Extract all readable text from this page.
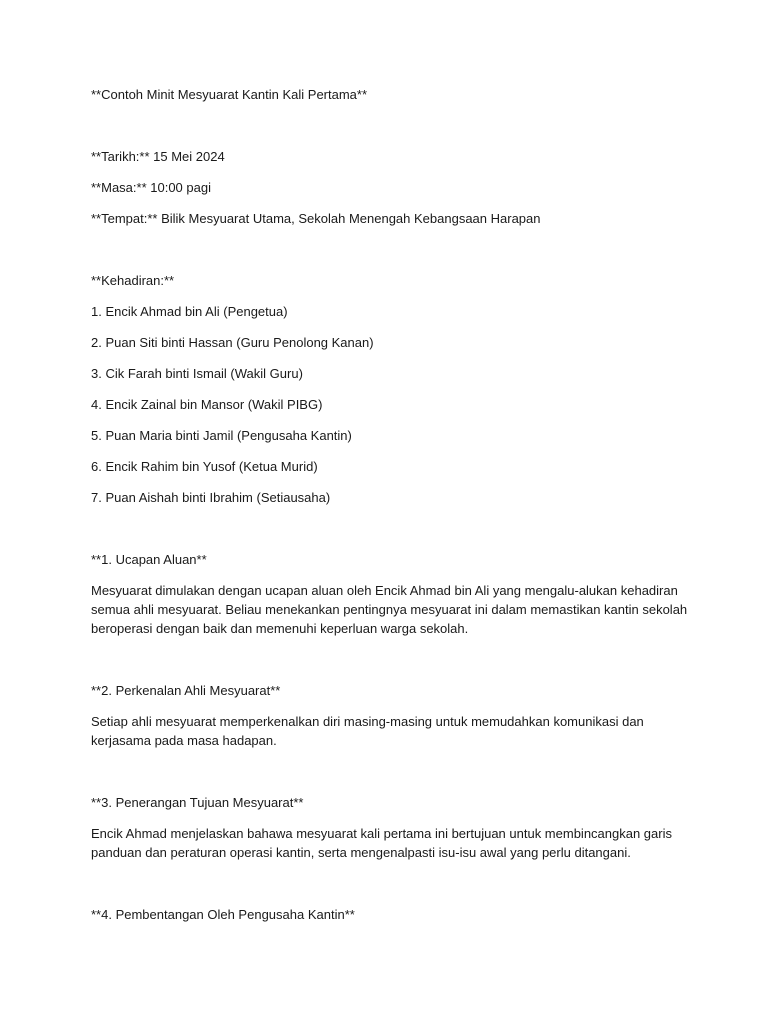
**Contoh Minit Mesyuarat Kantin Kali Pertama**

**Tarikh:** 15 Mei 2024

**Masa:** 10:00 pagi

**Tempat:** Bilik Mesyuarat Utama, Sekolah Menengah Kebangsaan Harapan

**Kehadiran:**

1. Encik Ahmad bin Ali (Pengetua)

2. Puan Siti binti Hassan (Guru Penolong Kanan)

3. Cik Farah binti Ismail (Wakil Guru)

4. Encik Zainal bin Mansor (Wakil PIBG)

5. Puan Maria binti Jamil (Pengusaha Kantin)

6. Encik Rahim bin Yusof (Ketua Murid)

7. Puan Aishah binti Ibrahim (Setiausaha)

**1. Ucapan Aluan**

Mesyuarat dimulakan dengan ucapan aluan oleh Encik Ahmad bin Ali yang mengalu-alukan kehadiran semua ahli mesyuarat. Beliau menekankan pentingnya mesyuarat ini dalam memastikan kantin sekolah beroperasi dengan baik dan memenuhi keperluan warga sekolah.

**2. Perkenalan Ahli Mesyuarat**

Setiap ahli mesyuarat memperkenalkan diri masing-masing untuk memudahkan komunikasi dan kerjasama pada masa hadapan.

**3. Penerangan Tujuan Mesyuarat**

Encik Ahmad menjelaskan bahawa mesyuarat kali pertama ini bertujuan untuk membincangkan garis panduan dan peraturan operasi kantin, serta mengenalpasti isu-isu awal yang perlu ditangani.

**4. Pembentangan Oleh Pengusaha Kantin**
